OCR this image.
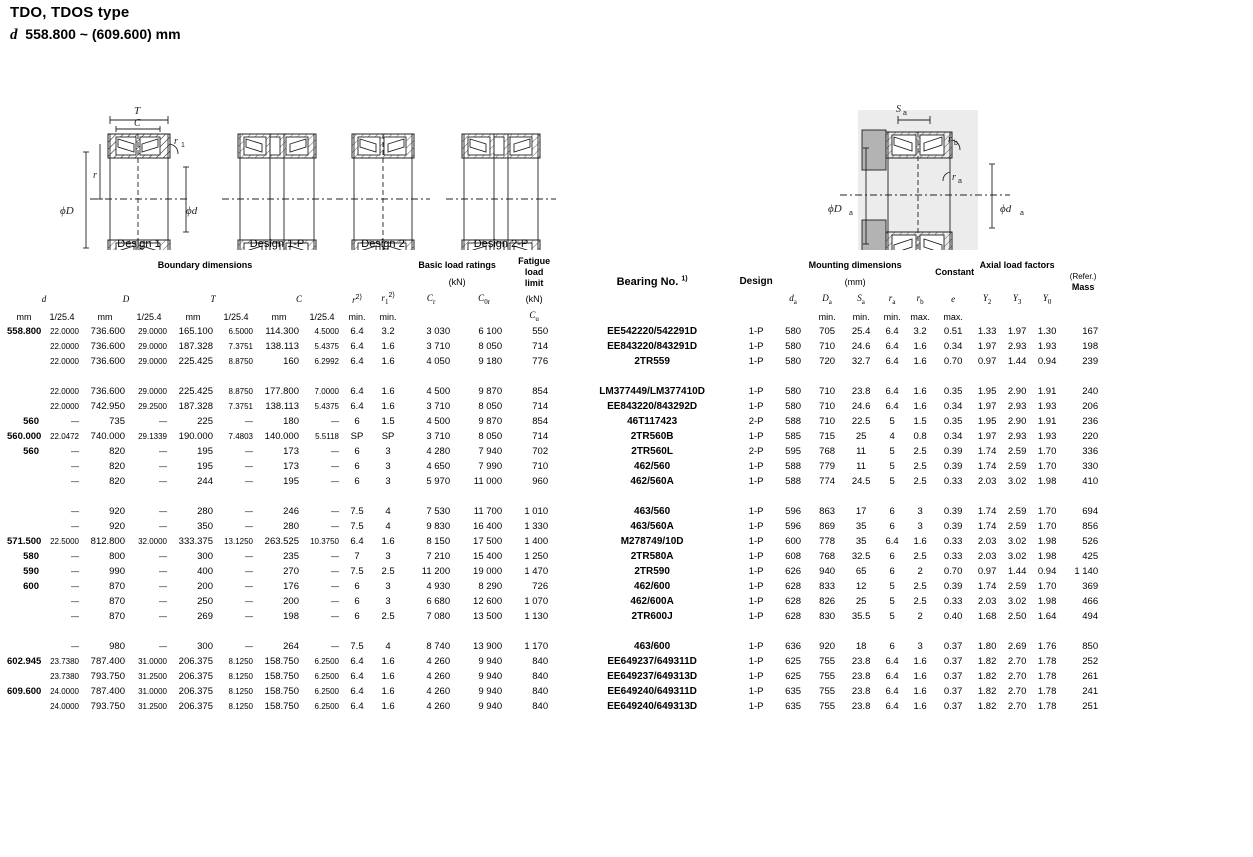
TDO, TDOS type
d 558.800 ~ (609.600) mm
T
C
r 1
r
ϕD	ϕd
S a
r b
r a
ϕD a	ϕd a
Design 1	Design 1-P	Design 2	Design 2-P
Boundary dimensions										Basic load ratings		Fatigue load
limit		Bearing No. $^{1)}$	Design	Mounting dimensions					Constant	Axial load factors			(Refer.)
Mass	
										(kN)						(mm)										
d		D		T		C		$r^{2)}$	$r_1^{2)}$	$C_r$	$C_{0r}$	(kN)				$d_a$	$D_a$	$S_a$	$r_a$	$r_b$	e	$Y_2$	$Y_3$	$Y_0$
mm	1/25.4	mm	1/25.4	mm	1/25.4	mm	1/25.4	min.	min.			$C_u$					min.	min.	min.	max.	max.					
558.800	22.0000	736.600	29.0000	165.100	6.5000	114.300	4.5000	6.4	3.2	3 030	6 100	550		EE542220/542291D	1-P	580	705	25.4	6.4	3.2	0.51	1.33	1.97	1.30	167	
	22.0000	736.600	29.0000	187.328	7.3751	138.113	5.4375	6.4	1.6	3 710	8 050	714		EE843220/843291D	1-P	580	710	24.6	6.4	1.6	0.34	1.97	2.93	1.93	198	
	22.0000	736.600	29.0000	225.425	8.8750	160	6.2992	6.4	1.6	4 050	9 180	776		2TR559	1-P	580	720	32.7	6.4	1.6	0.70	0.97	1.44	0.94	239	

	22.0000	736.600	29.0000	225.425	8.8750	177.800	7.0000	6.4	1.6	4 500	9 870	854		LM377449/LM377410D	1-P	580	710	23.8	6.4	1.6	0.35	1.95	2.90	1.91	240	
	22.0000	742.950	29.2500	187.328	7.3751	138.113	5.4375	6.4	1.6	3 710	8 050	714		EE843220/843292D	1-P	580	710	24.6	6.4	1.6	0.34	1.97	2.93	1.93	206	
560	—	735	—	225	—	180	—	6	1.5	4 500	9 870	854		46T117423	2-P	588	710	22.5	5	1.5	0.35	1.95	2.90	1.91	236	
560.000	22.0472	740.000	29.1339	190.000	7.4803	140.000	5.5118	SP	SP	3 710	8 050	714		2TR560B	1-P	585	715	25	4	0.8	0.34	1.97	2.93	1.93	220	
560	—	820	—	195	—	173	—	6	3	4 280	7 940	702		2TR560L	2-P	595	768	11	5	2.5	0.39	1.74	2.59	1.70	336	
	—	820	—	195	—	173	—	6	3	4 650	7 990	710		462/560	1-P	588	779	11	5	2.5	0.39	1.74	2.59	1.70	330	
	—	820	—	244	—	195	—	6	3	5 970	11 000	960		462/560A	1-P	588	774	24.5	5	2.5	0.33	2.03	3.02	1.98	410	

	—	920	—	280	—	246	—	7.5	4	7 530	11 700	1 010		463/560	1-P	596	863	17	6	3	0.39	1.74	2.59	1.70	694	
	—	920	—	350	—	280	—	7.5	4	9 830	16 400	1 330		463/560A	1-P	596	869	35	6	3	0.39	1.74	2.59	1.70	856	
571.500	22.5000	812.800	32.0000	333.375	13.1250	263.525	10.3750	6.4	1.6	8 150	17 500	1 400		M278749/10D	1-P	600	778	35	6.4	1.6	0.33	2.03	3.02	1.98	526	
580	—	800	—	300	—	235	—	7	3	7 210	15 400	1 250		2TR580A	1-P	608	768	32.5	6	2.5	0.33	2.03	3.02	1.98	425	
590	—	990	—	400	—	270	—	7.5	2.5	11 200	19 000	1 470		2TR590	1-P	626	940	65	6	2	0.70	0.97	1.44	0.94	1 140	
600	—	870	—	200	—	176	—	6	3	4 930	8 290	726		462/600	1-P	628	833	12	5	2.5	0.39	1.74	2.59	1.70	369	
	—	870	—	250	—	200	—	6	3	6 680	12 600	1 070		462/600A	1-P	628	826	25	5	2.5	0.33	2.03	3.02	1.98	466	
	—	870	—	269	—	198	—	6	2.5	7 080	13 500	1 130		2TR600J	1-P	628	830	35.5	5	2	0.40	1.68	2.50	1.64	494	

	—	980	—	300	—	264	—	7.5	4	8 740	13 900	1 170		463/600	1-P	636	920	18	6	3	0.37	1.80	2.69	1.76	850	
602.945	23.7380	787.400	31.0000	206.375	8.1250	158.750	6.2500	6.4	1.6	4 260	9 940	840		EE649237/649311D	1-P	625	755	23.8	6.4	1.6	0.37	1.82	2.70	1.78	252	
	23.7380	793.750	31.2500	206.375	8.1250	158.750	6.2500	6.4	1.6	4 260	9 940	840		EE649237/649313D	1-P	625	755	23.8	6.4	1.6	0.37	1.82	2.70	1.78	261	
609.600	24.0000	787.400	31.0000	206.375	8.1250	158.750	6.2500	6.4	1.6	4 260	9 940	840		EE649240/649311D	1-P	635	755	23.8	6.4	1.6	0.37	1.82	2.70	1.78	241	
	24.0000	793.750	31.2500	206.375	8.1250	158.750	6.2500	6.4	1.6	4 260	9 940	840		EE649240/649313D	1-P	635	755	23.8	6.4	1.6	0.37	1.82	2.70	1.78	251	
